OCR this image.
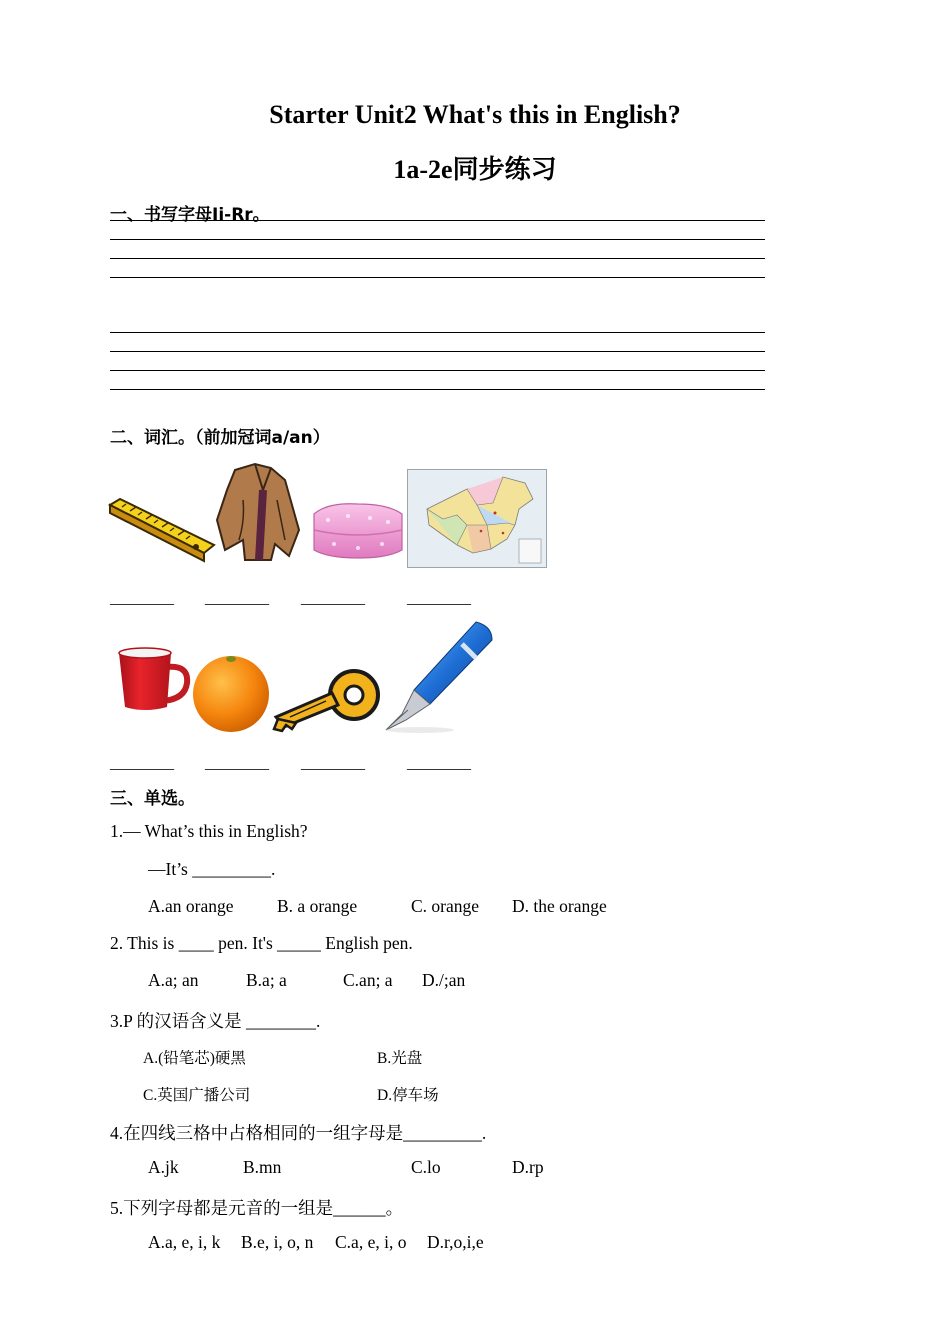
Starter Unit2 What's this in English?
1a-2e同步练习
一、书写字母Ii-Rr。
二、词汇。（前加冠词a/an）
________ ________ ________	________
________ ________ ________	________
三、单选。
1.— What’s this in English?
—It’s _________.
A.an orange B. a orange	C. orange D. the orange
2. This is ____ pen. It's _____ English pen.
A.a; an	B.a; a	C.an; a D./;an
3.P 的汉语含义是 ________.
A.(铅笔芯)硬黑	B.光盘
C.英国广播公司	D.停车场
4.在四线三格中占格相同的一组字母是_________.
A.jk	B.mn	C.lo	D.rp
5.下列字母都是元音的一组是______。
A.a, e, i, k B.e, i, o, n C.a, e, i, o D.r,o,i,e
